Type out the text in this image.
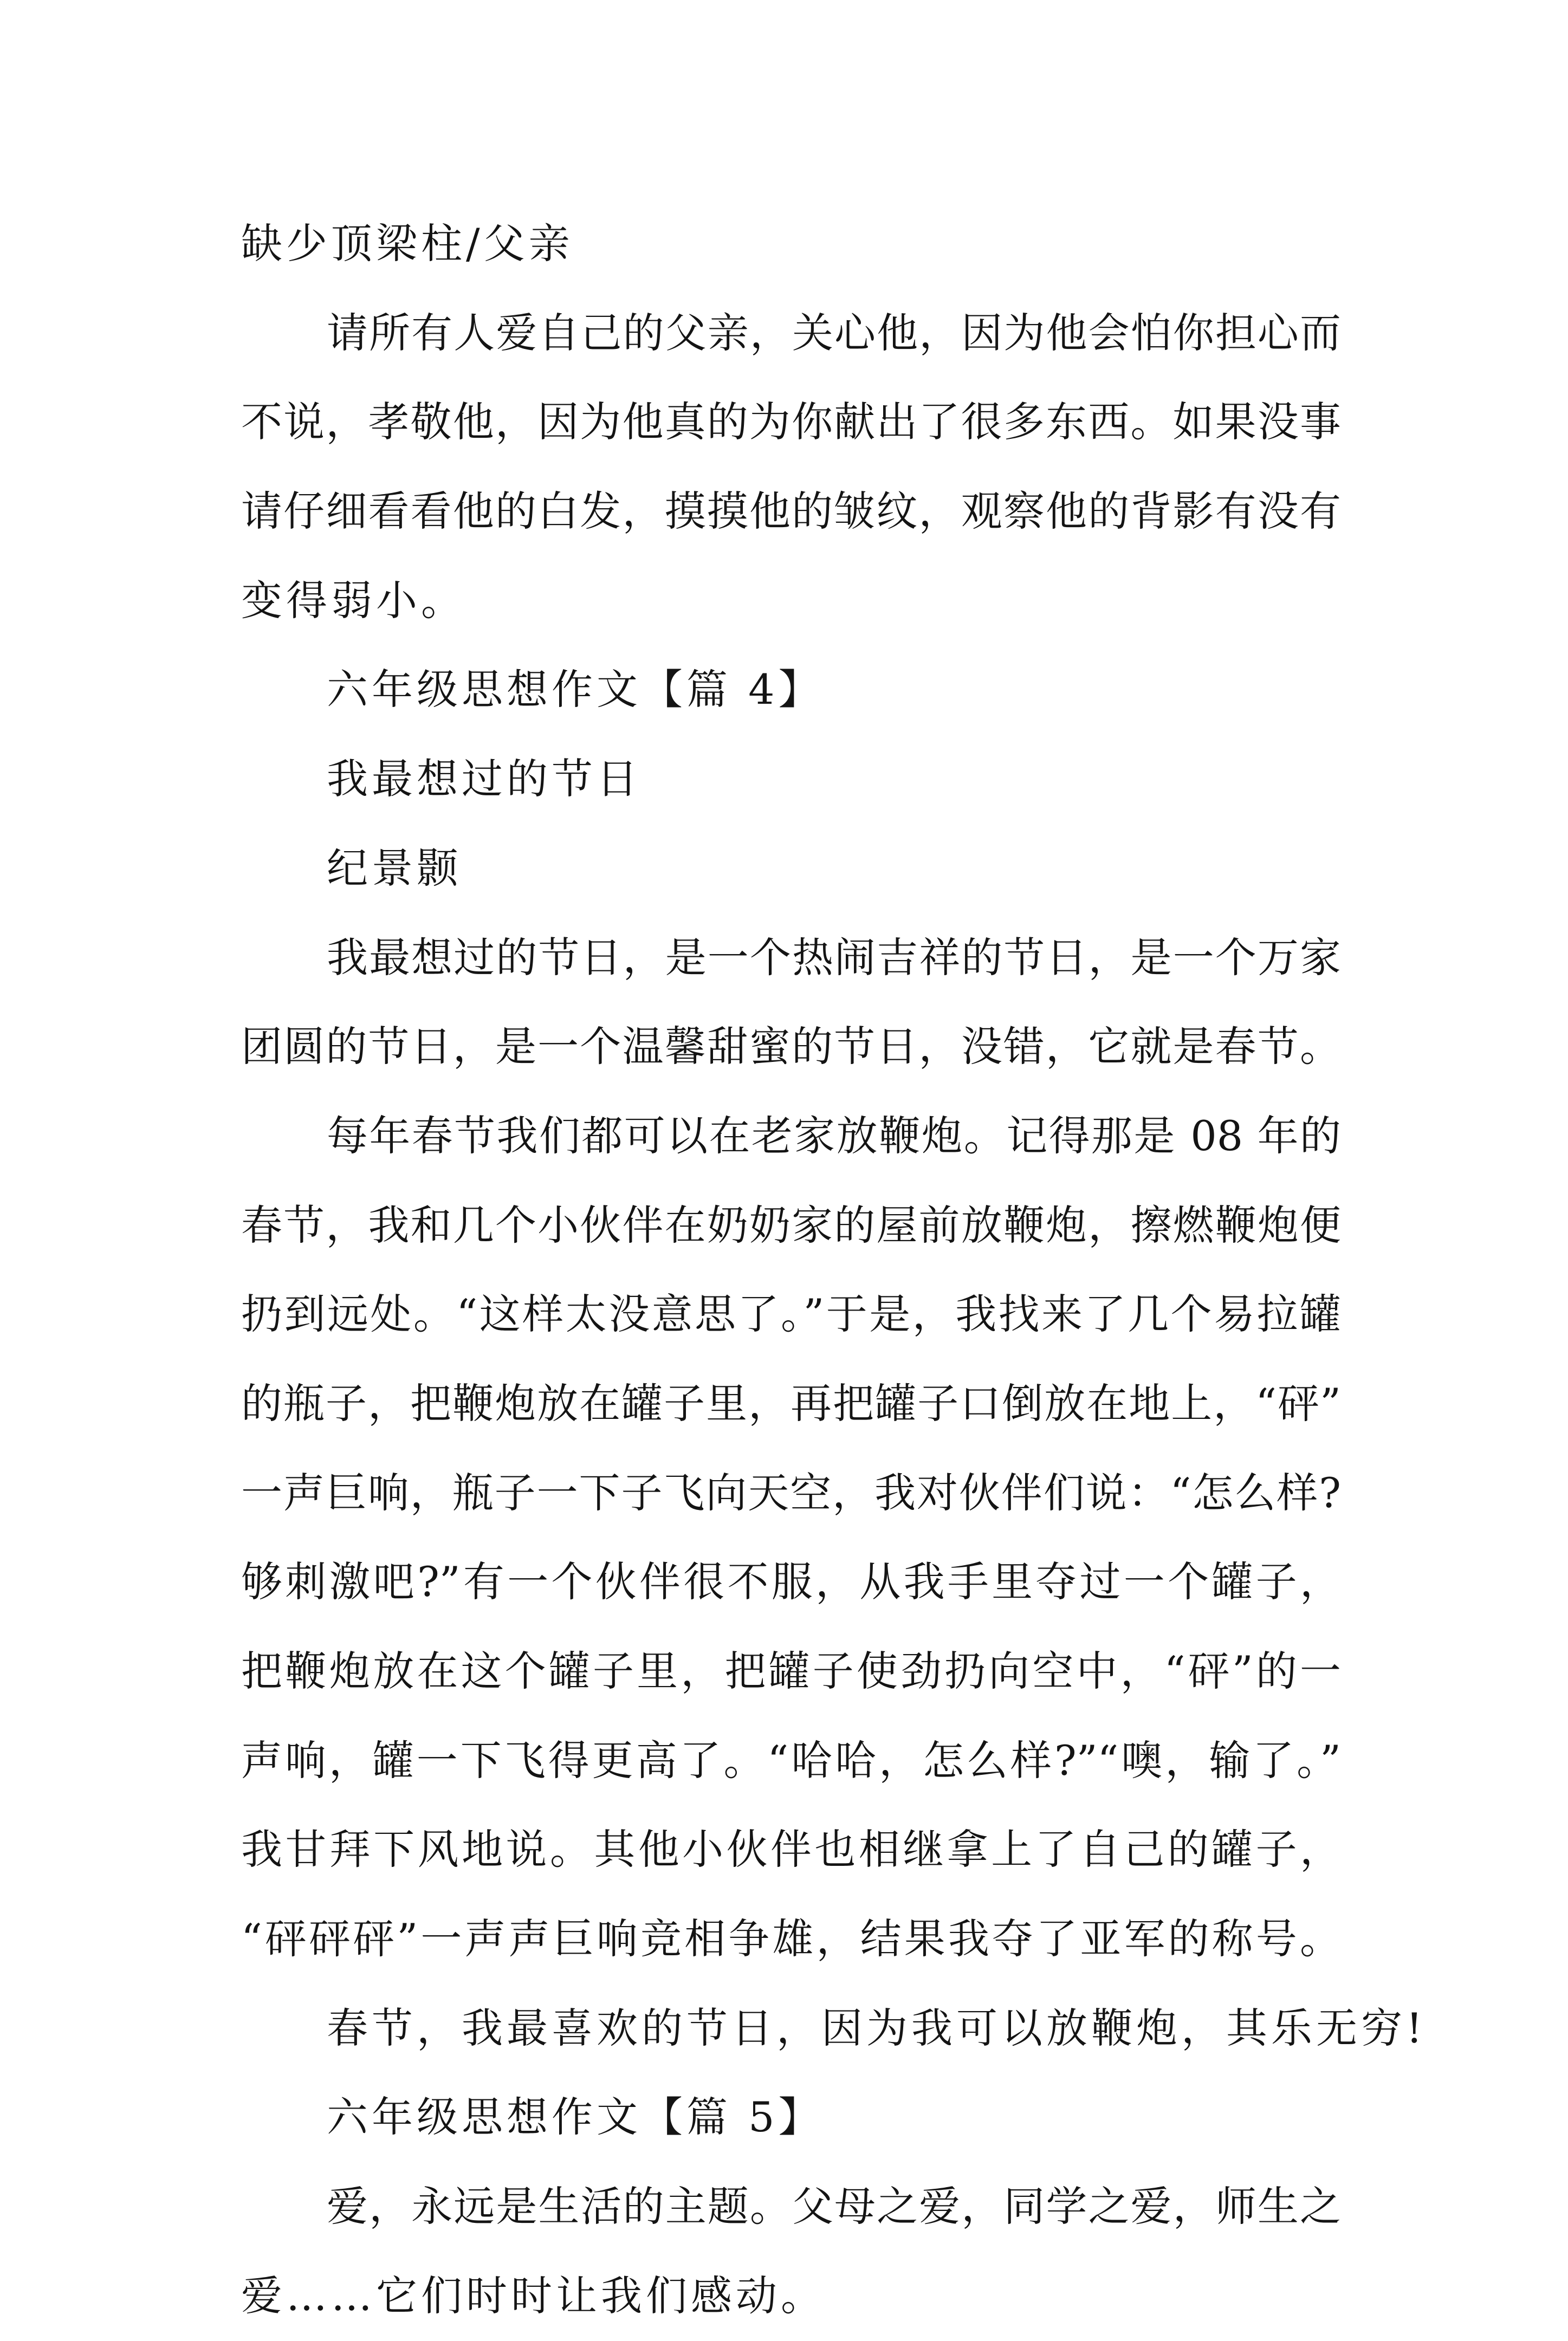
缺少顶梁柱/父亲
请所有人爱自己的父亲，关心他，因为他会怕你担心而
不说，孝敬他，因为他真的为你献出了很多东西。如果没事
请仔细看看他的白发，摸摸他的皱纹，观察他的背影有没有
变得弱小。
六年级思想作文【篇 4】
我最想过的节日
纪景颢
我最想过的节日，是一个热闹吉祥的节日，是一个万家
团圆的节日，是一个温馨甜蜜的节日，没错，它就是春节。
每年春节我们都可以在老家放鞭炮。记得那是 08 年的
春节，我和几个小伙伴在奶奶家的屋前放鞭炮，擦燃鞭炮便
扔到远处。“这样太没意思了。”于是，我找来了几个易拉罐
的瓶子，把鞭炮放在罐子里，再把罐子口倒放在地上，“砰”
一声巨响，瓶子一下子飞向天空，我对伙伴们说：“怎么样?
够刺激吧?”有一个伙伴很不服，从我手里夺过一个罐子，
把鞭炮放在这个罐子里，把罐子使劲扔向空中，“砰”的一
声响，罐一下飞得更高了。“哈哈，怎么样?”“噢，输了。”
我甘拜下风地说。其他小伙伴也相继拿上了自己的罐子，
“砰砰砰”一声声巨响竞相争雄，结果我夺了亚军的称号。
春节，我最喜欢的节日，因为我可以放鞭炮，其乐无穷!
六年级思想作文【篇 5】
爱，永远是生活的主题。父母之爱，同学之爱，师生之
爱……它们时时让我们感动。
